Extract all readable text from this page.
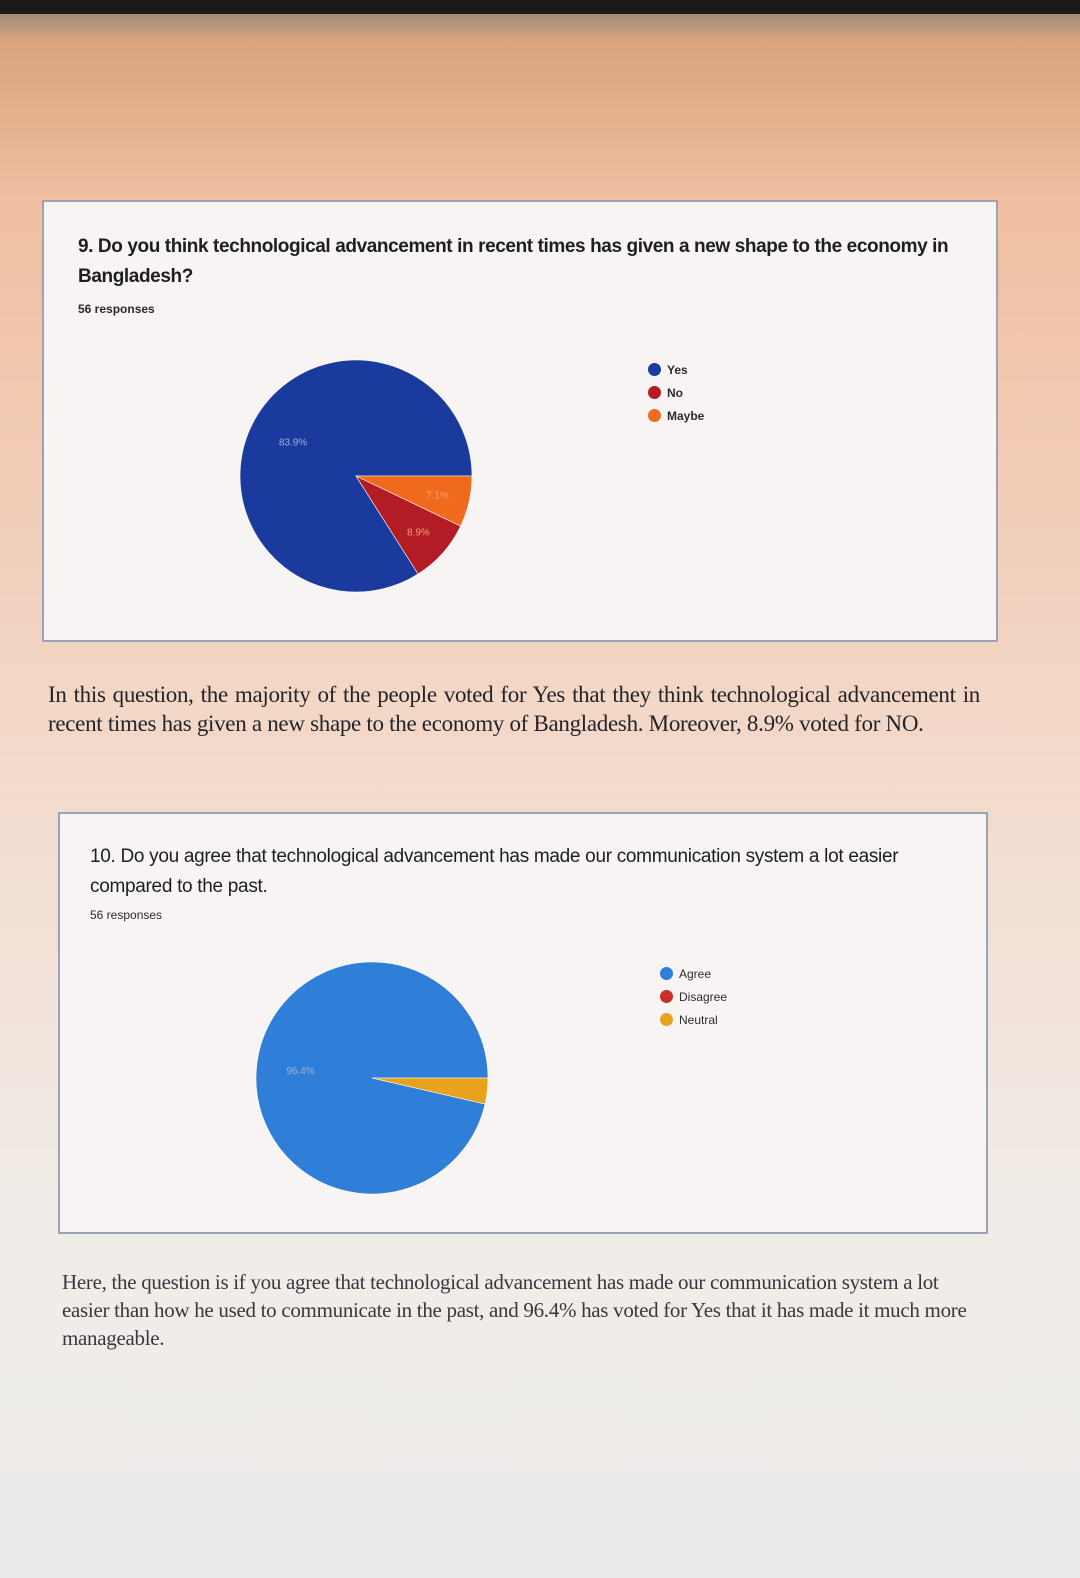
9. Do you think technological advancement in recent times has given a new shape to the economy in Bangladesh?
56 responses
83.9%
8.9%
7.1%
Yes
No
Maybe
In this question, the majority of the people voted for Yes that they think technological advancement in recent times has given a new shape to the economy of Bangladesh. Moreover, 8.9% voted for NO.
10. Do you agree that technological advancement has made our communication system a lot easier compared to the past.
56 responses
96.4%
Agree
Disagree
Neutral
Here, the question is if you agree that technological advancement has made our communication system a lot easier than how he used to communicate in the past, and 96.4% has voted for Yes that it has made it much more manageable.
